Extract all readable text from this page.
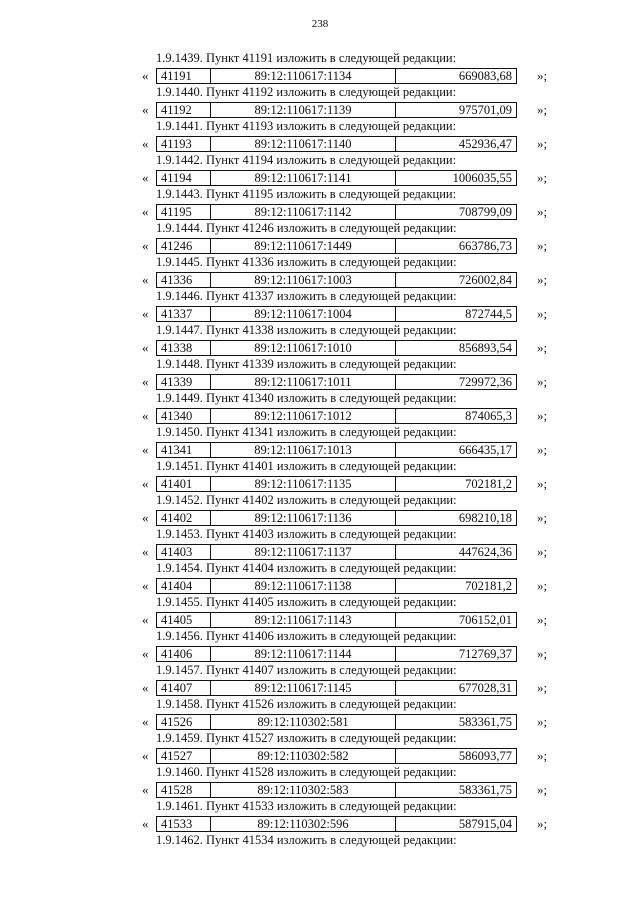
238
1.9.1439. Пункт 41191 изложить в следующей редакции:
« 41191	89:12:110617:1134	669083,68 »;
1.9.1440. Пункт 41192 изложить в следующей редакции:
« 41192	89:12:110617:1139	975701,09 »;
1.9.1441. Пункт 41193 изложить в следующей редакции:
« 41193	89:12:110617:1140	452936,47 »;
1.9.1442. Пункт 41194 изложить в следующей редакции:
« 41194	89:12:110617:1141	1006035,55 »;
1.9.1443. Пункт 41195 изложить в следующей редакции:
« 41195	89:12:110617:1142	708799,09 »;
1.9.1444. Пункт 41246 изложить в следующей редакции:
« 41246	89:12:110617:1449	663786,73 »;
1.9.1445. Пункт 41336 изложить в следующей редакции:
« 41336	89:12:110617:1003	726002,84 »;
1.9.1446. Пункт 41337 изложить в следующей редакции:
« 41337	89:12:110617:1004	872744,5 »;
1.9.1447. Пункт 41338 изложить в следующей редакции:
« 41338	89:12:110617:1010	856893,54 »;
1.9.1448. Пункт 41339 изложить в следующей редакции:
« 41339	89:12:110617:1011	729972,36 »;
1.9.1449. Пункт 41340 изложить в следующей редакции:
« 41340	89:12:110617:1012	874065,3 »;
1.9.1450. Пункт 41341 изложить в следующей редакции:
« 41341	89:12:110617:1013	666435,17 »;
1.9.1451. Пункт 41401 изложить в следующей редакции:
« 41401	89:12:110617:1135	702181,2 »;
1.9.1452. Пункт 41402 изложить в следующей редакции:
« 41402	89:12:110617:1136	698210,18 »;
1.9.1453. Пункт 41403 изложить в следующей редакции:
« 41403	89:12:110617:1137	447624,36 »;
1.9.1454. Пункт 41404 изложить в следующей редакции:
« 41404	89:12:110617:1138	702181,2 »;
1.9.1455. Пункт 41405 изложить в следующей редакции:
« 41405	89:12:110617:1143	706152,01 »;
1.9.1456. Пункт 41406 изложить в следующей редакции:
« 41406	89:12:110617:1144	712769,37 »;
1.9.1457. Пункт 41407 изложить в следующей редакции:
« 41407	89:12:110617:1145	677028,31 »;
1.9.1458. Пункт 41526 изложить в следующей редакции:
« 41526	89:12:110302:581	583361,75 »;
1.9.1459. Пункт 41527 изложить в следующей редакции:
« 41527	89:12:110302:582	586093,77 »;
1.9.1460. Пункт 41528 изложить в следующей редакции:
« 41528	89:12:110302:583	583361,75 »;
1.9.1461. Пункт 41533 изложить в следующей редакции:
« 41533	89:12:110302:596	587915,04 »;
1.9.1462. Пункт 41534 изложить в следующей редакции:
